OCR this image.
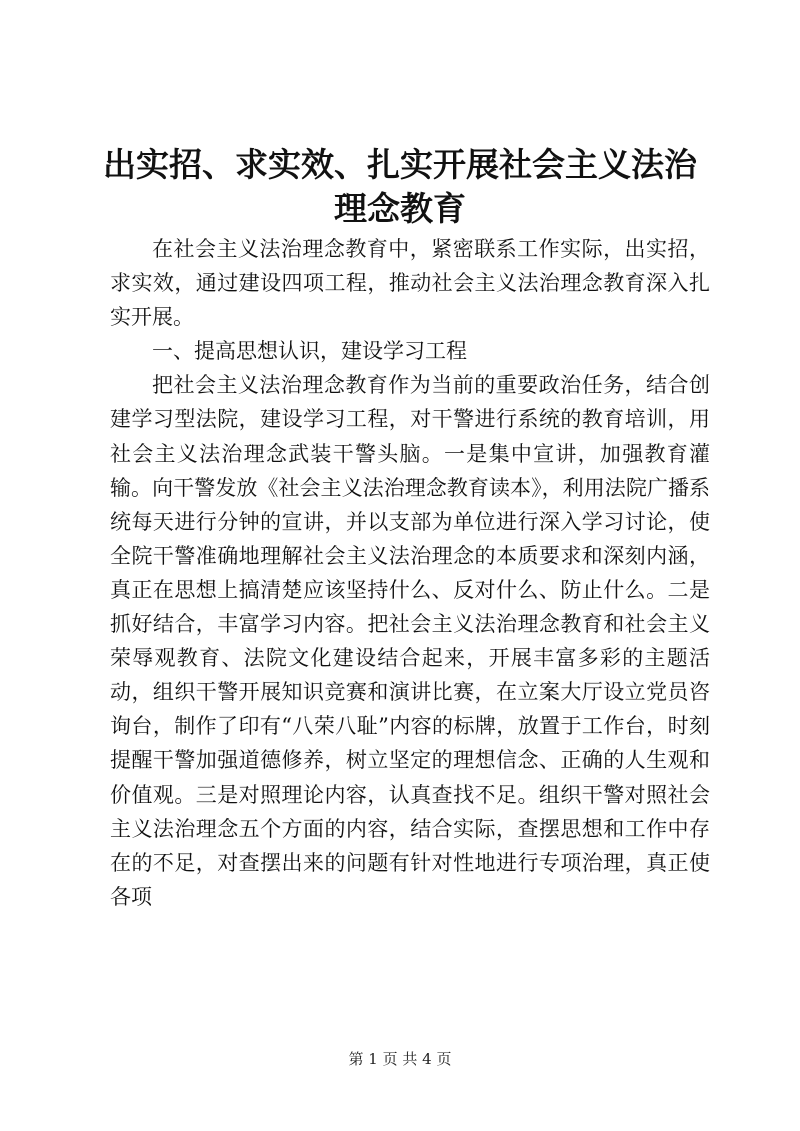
出实招、求实效、扎实开展社会主义法治理念教育

在社会主义法治理念教育中，紧密联系工作实际，出实招，求实效，通过建设四项工程，推动社会主义法治理念教育深入扎实开展。

一、提高思想认识，建设学习工程

把社会主义法治理念教育作为当前的重要政治任务，结合创建学习型法院，建设学习工程，对干警进行系统的教育培训，用社会主义法治理念武装干警头脑。一是集中宣讲，加强教育灌输。向干警发放《社会主义法治理念教育读本》，利用法院广播系统每天进行分钟的宣讲，并以支部为单位进行深入学习讨论，使全院干警准确地理解社会主义法治理念的本质要求和深刻内涵，真正在思想上搞清楚应该坚持什么、反对什么、防止什么。二是抓好结合，丰富学习内容。把社会主义法治理念教育和社会主义荣辱观教育、法院文化建设结合起来，开展丰富多彩的主题活动，组织干警开展知识竞赛和演讲比赛，在立案大厅设立党员咨询台，制作了印有“八荣八耻”内容的标牌，放置于工作台，时刻提醒干警加强道德修养，树立坚定的理想信念、正确的人生观和价值观。三是对照理论内容，认真查找不足。组织干警对照社会主义法治理念五个方面的内容，结合实际，查摆思想和工作中存在的不足，对查摆出来的问题有针对性地进行专项治理，真正使各项

第 1 页 共 4 页
